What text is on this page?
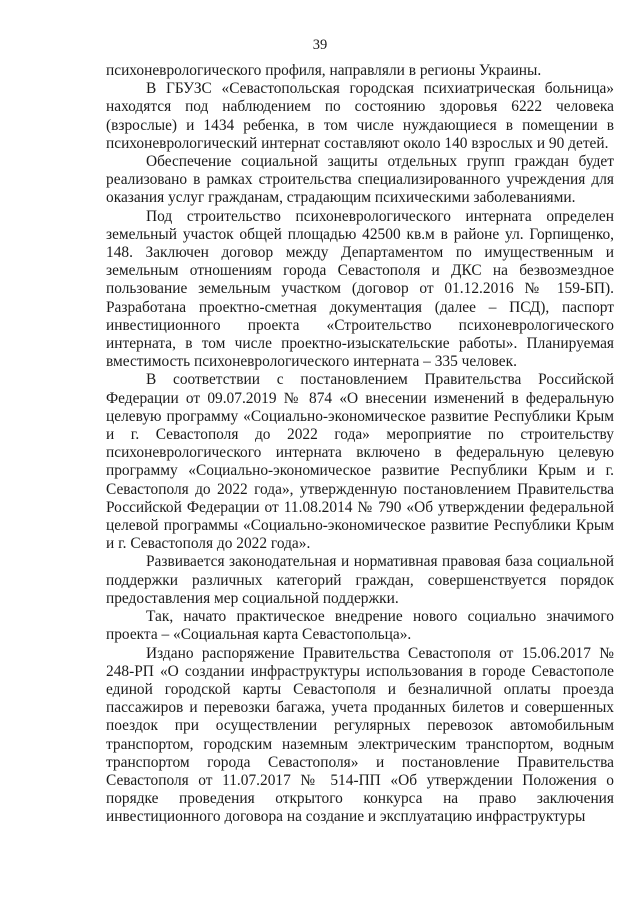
39

психоневрологического профиля, направляли в регионы Украины.

В ГБУЗС «Севастопольская городская психиатрическая больница» находятся под наблюдением по состоянию здоровья 6222 человека (взрослые) и 1434 ребенка, в том числе нуждающиеся в помещении в психоневрологический интернат составляют около 140 взрослых и 90 детей.

Обеспечение социальной защиты отдельных групп граждан будет реализовано в рамках строительства специализированного учреждения для оказания услуг гражданам, страдающим психическими заболеваниями.

Под строительство психоневрологического интерната определен земельный участок общей площадью 42500 кв.м в районе ул. Горпищенко, 148. Заключен договор между Департаментом по имущественным и земельным отношениям города Севастополя и ДКС на безвозмездное пользование земельным участком (договор от 01.12.2016 № 159-БП). Разработана проектно-сметная документация (далее – ПСД), паспорт инвестиционного проекта «Строительство психоневрологического интерната, в том числе проектно-изыскательские работы». Планируемая вместимость психоневрологического интерната – 335 человек.

В соответствии с постановлением Правительства Российской Федерации от 09.07.2019 № 874 «О внесении изменений в федеральную целевую программу «Социально-экономическое развитие Республики Крым и г. Севастополя до 2022 года» мероприятие по строительству психоневрологического интерната включено в федеральную целевую программу «Социально-экономическое развитие Республики Крым и г. Севастополя до 2022 года», утвержденную постановлением Правительства Российской Федерации от 11.08.2014 № 790 «Об утверждении федеральной целевой программы «Социально-экономическое развитие Республики Крым и г. Севастополя до 2022 года».

Развивается законодательная и нормативная правовая база социальной поддержки различных категорий граждан, совершенствуется порядок предоставления мер социальной поддержки.

Так, начато практическое внедрение нового социально значимого проекта – «Социальная карта Севастопольца».

Издано распоряжение Правительства Севастополя от 15.06.2017 № 248-РП «О создании инфраструктуры использования в городе Севастополе единой городской карты Севастополя и безналичной оплаты проезда пассажиров и перевозки багажа, учета проданных билетов и совершенных поездок при осуществлении регулярных перевозок автомобильным транспортом, городским наземным электрическим транспортом, водным транспортом города Севастополя» и постановление Правительства Севастополя от 11.07.2017 № 514-ПП «Об утверждении Положения о порядке проведения открытого конкурса на право заключения инвестиционного договора на создание и эксплуатацию инфраструктуры
